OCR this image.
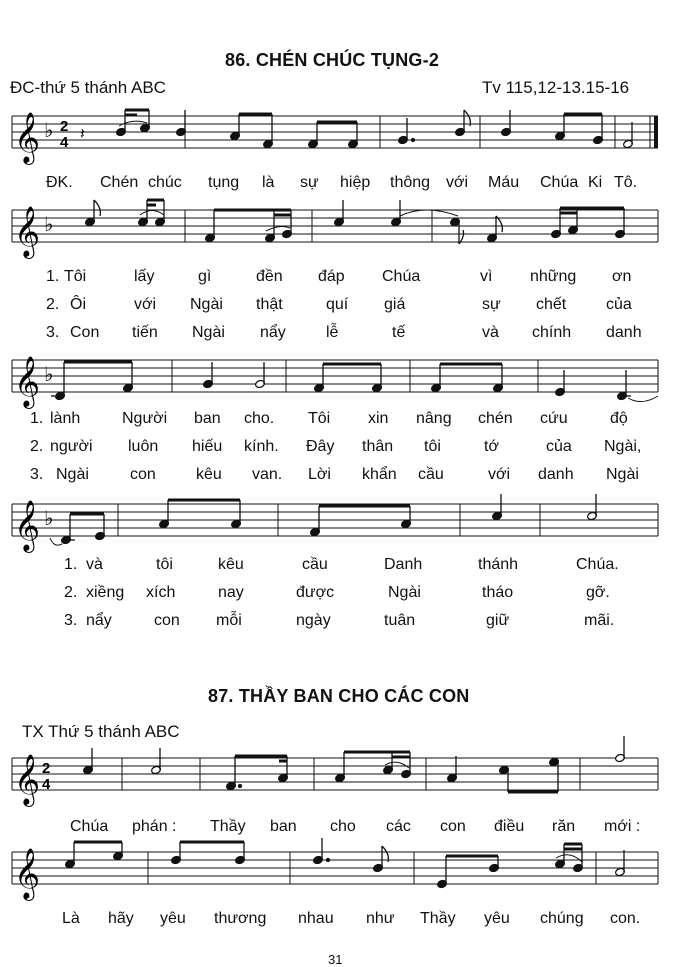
86. CHÉN CHÚC TỤNG-2
ĐC-thứ 5 thánh ABC	Tv 115,12-13.15-16
𝄞 ♭ 2
4 𝄽
ĐK. Chén chúc tụng là sự hiệp thông với Máu Chúa Ki Tô.
𝄞 ♭
1. Tôi	lấy	gì	đền đáp Chúa	vì những ơn
2. Ôi	với Ngài thật	quí giá	sự chết của
3. Con tiến Ngài nẩy	lễ	tế	và chính danh
𝄞 ♭
1. lành	Người ban cho. Tôi xin nâng chén cứu	độ
2. người luôn hiếu kính. Đây thân tôi	tớ	của Ngài,
3. Ngài	con	kêu van. Lời khẩn cầu	với danh Ngài
𝄞 ♭
1. và	tôi	kêu	cầu	Danh	thánh	Chúa.
2. xiềng xích	nay	được	Ngài	tháo	gỡ.
3. nẩy	con mỗi	ngày	tuân	giữ	mãi.
87. THẦY BAN CHO CÁC CON
TX Thứ 5 thánh ABC
𝄞 2
4
Chúa phán : Thầy ban cho các con điều răn mới :
𝄞
Là hãy yêu thương nhau như Thầy yêu chúng con.
31
